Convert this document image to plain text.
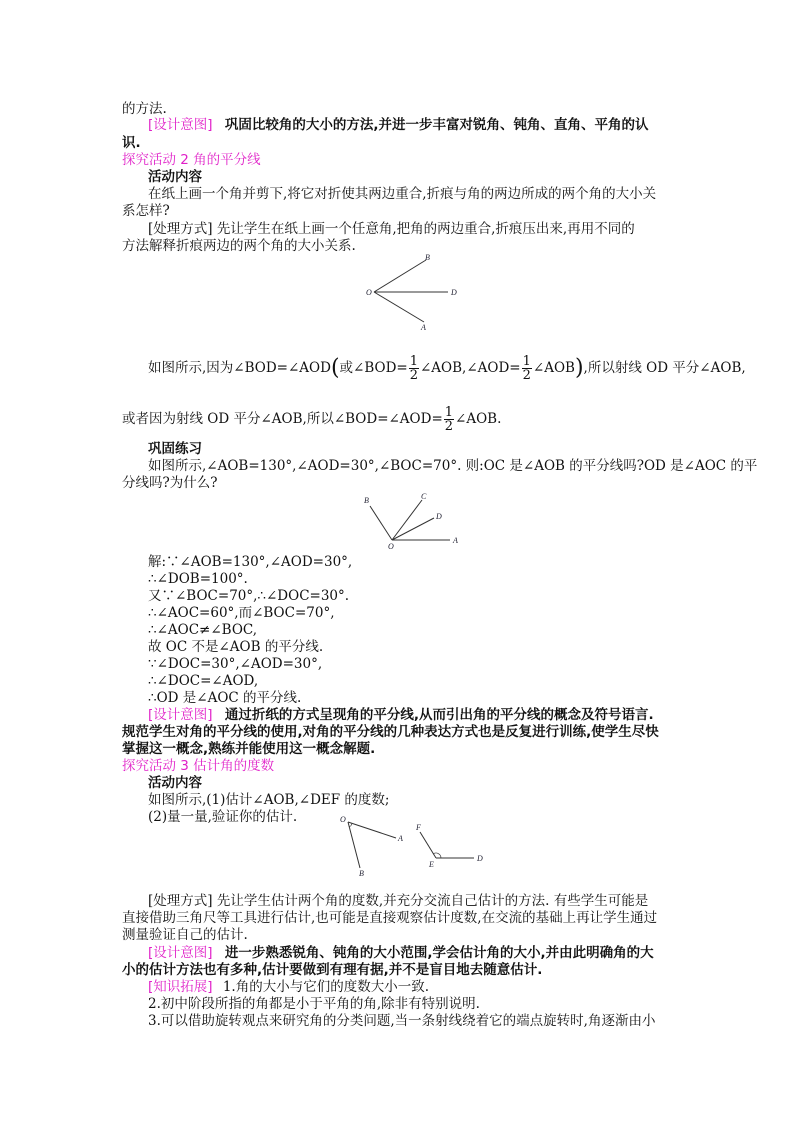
的方法.
[设计意图] 巩固比较角的大小的方法,并进一步丰富对锐角、钝角、直角、平角的认
识.
探究活动 2 角的平分线
活动内容
在纸上画一个角并剪下,将它对折使其两边重合,折痕与角的两边所成的两个角的大小关
系怎样?
[处理方式] 先让学生在纸上画一个任意角,把角的两边重合,折痕压出来,再用不同的
方法解释折痕两边的两个角的大小关系.
O
B
D
A
如图所示,因为∠BOD=∠AOD(或∠BOD= $\frac{1}{2}$ ∠AOB,∠AOD= $\frac{1}{2}$ ∠AOB),所以射线 OD 平分∠AOB,
或者因为射线 OD 平分∠AOB,所以∠BOD=∠AOD= $\frac{1}{2}$ ∠AOB.
巩固练习
如图所示,∠AOB=130°,∠AOD=30°,∠BOC=70°. 则:OC 是∠AOB 的平分线吗?OD 是∠AOC 的平
分线吗?为什么?
O
B	C
D
A
解:∵∠AOB=130°,∠AOD=30°,
∴∠DOB=100°.
又∵∠BOC=70°,∴∠DOC=30°.
∴∠AOC=60°,而∠BOC=70°,
∴∠AOC≠∠BOC,
故 OC 不是∠AOB 的平分线.
∵∠DOC=30°,∠AOD=30°,
∴∠DOC=∠AOD,
∴OD 是∠AOC 的平分线.
[设计意图] 通过折纸的方式呈现角的平分线,从而引出角的平分线的概念及符号语言.
规范学生对角的平分线的使用,对角的平分线的几种表达方式也是反复进行训练,使学生尽快
掌握这一概念,熟练并能使用这一概念解题.
探究活动 3 估计角的度数
活动内容
如图所示,(1)估计∠AOB,∠DEF 的度数;
(2)量一量,验证你的估计.	O
A
B
F
E
D
[处理方式] 先让学生估计两个角的度数,并充分交流自己估计的方法. 有些学生可能是
直接借助三角尺等工具进行估计,也可能是直接观察估计度数,在交流的基础上再让学生通过
测量验证自己的估计.
[设计意图] 进一步熟悉锐角、钝角的大小范围,学会估计角的大小,并由此明确角的大
小的估计方法也有多种,估计要做到有理有据,并不是盲目地去随意估计.
[知识拓展] 1.角的大小与它们的度数大小一致.
2.初中阶段所指的角都是小于平角的角,除非有特别说明.
3.可以借助旋转观点来研究角的分类问题,当一条射线绕着它的端点旋转时,角逐渐由小
